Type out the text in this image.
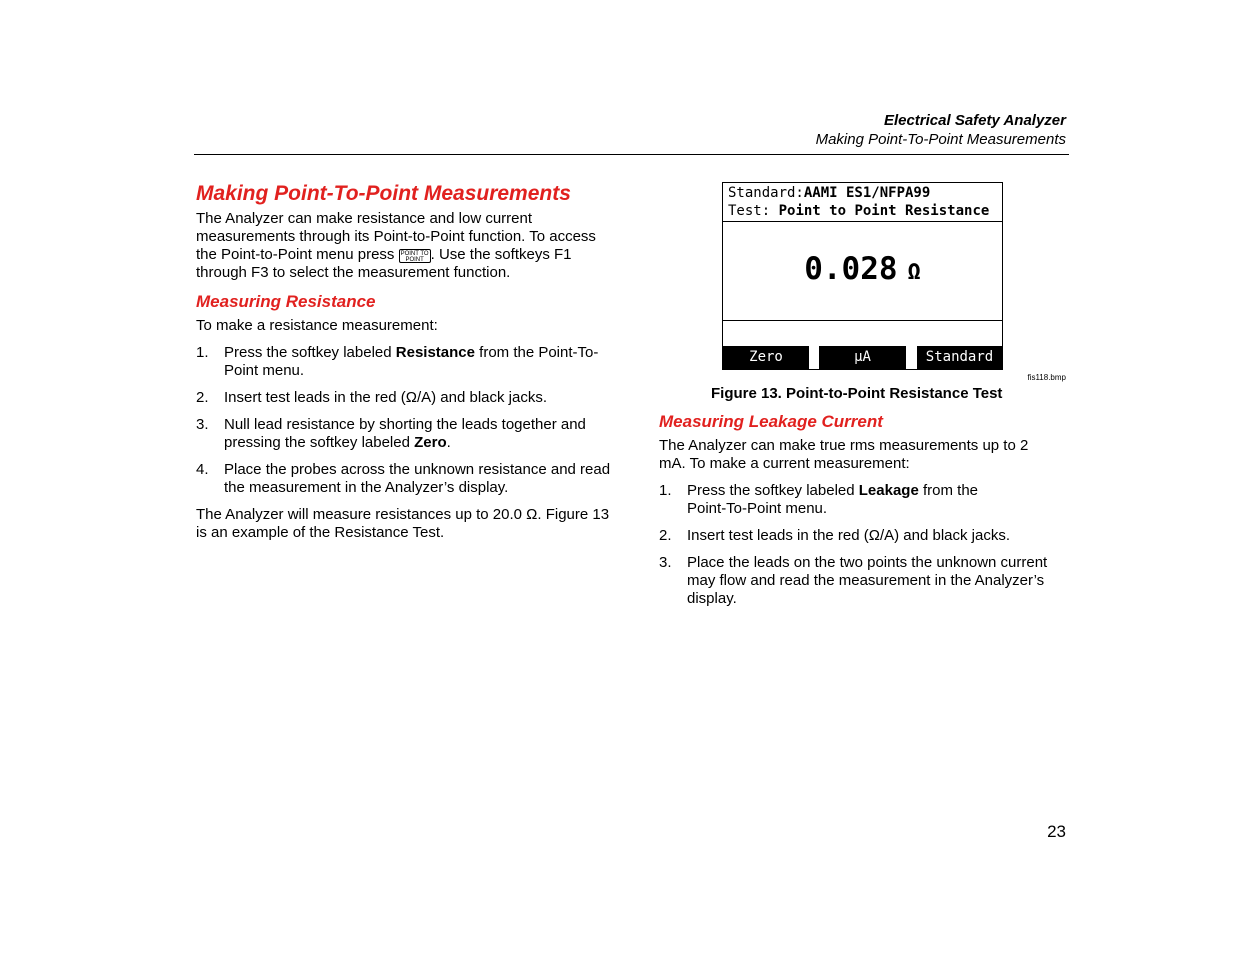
Electrical Safety Analyzer
Making Point-To-Point Measurements
Making Point-To-Point Measurements

The Analyzer can make resistance and low current measurements through its Point-to-Point function. To access the Point-to-Point menu press POINT TO POINT . Use the softkeys F1 through F3 to select the measurement function.

Measuring Resistance

To make a resistance measurement:

1. Press the softkey labeled Resistance from the Point-To-Point menu.
2. Insert test leads in the red (Ω/A) and black jacks.
3. Null lead resistance by shorting the leads together and pressing the softkey labeled Zero.
4. Place the probes across the unknown resistance and read the measurement in the Analyzer’s display.

The Analyzer will measure resistances up to 20.0 Ω. Figure 13 is an example of the Resistance Test.

Standard:AAMI ES1/NFPA99
Test: Point to Point Resistance
0.028 Ω
Zero	μA	Standard
fis118.bmp
Figure 13. Point-to-Point Resistance Test
Measuring Leakage Current

The Analyzer can make true rms measurements up to 2 mA. To make a current measurement:

1. Press the softkey labeled Leakage from the Point-To-Point menu.
2. Insert test leads in the red (Ω/A) and black jacks.
3. Place the leads on the two points the unknown current may flow and read the measurement in the Analyzer’s display.
23
